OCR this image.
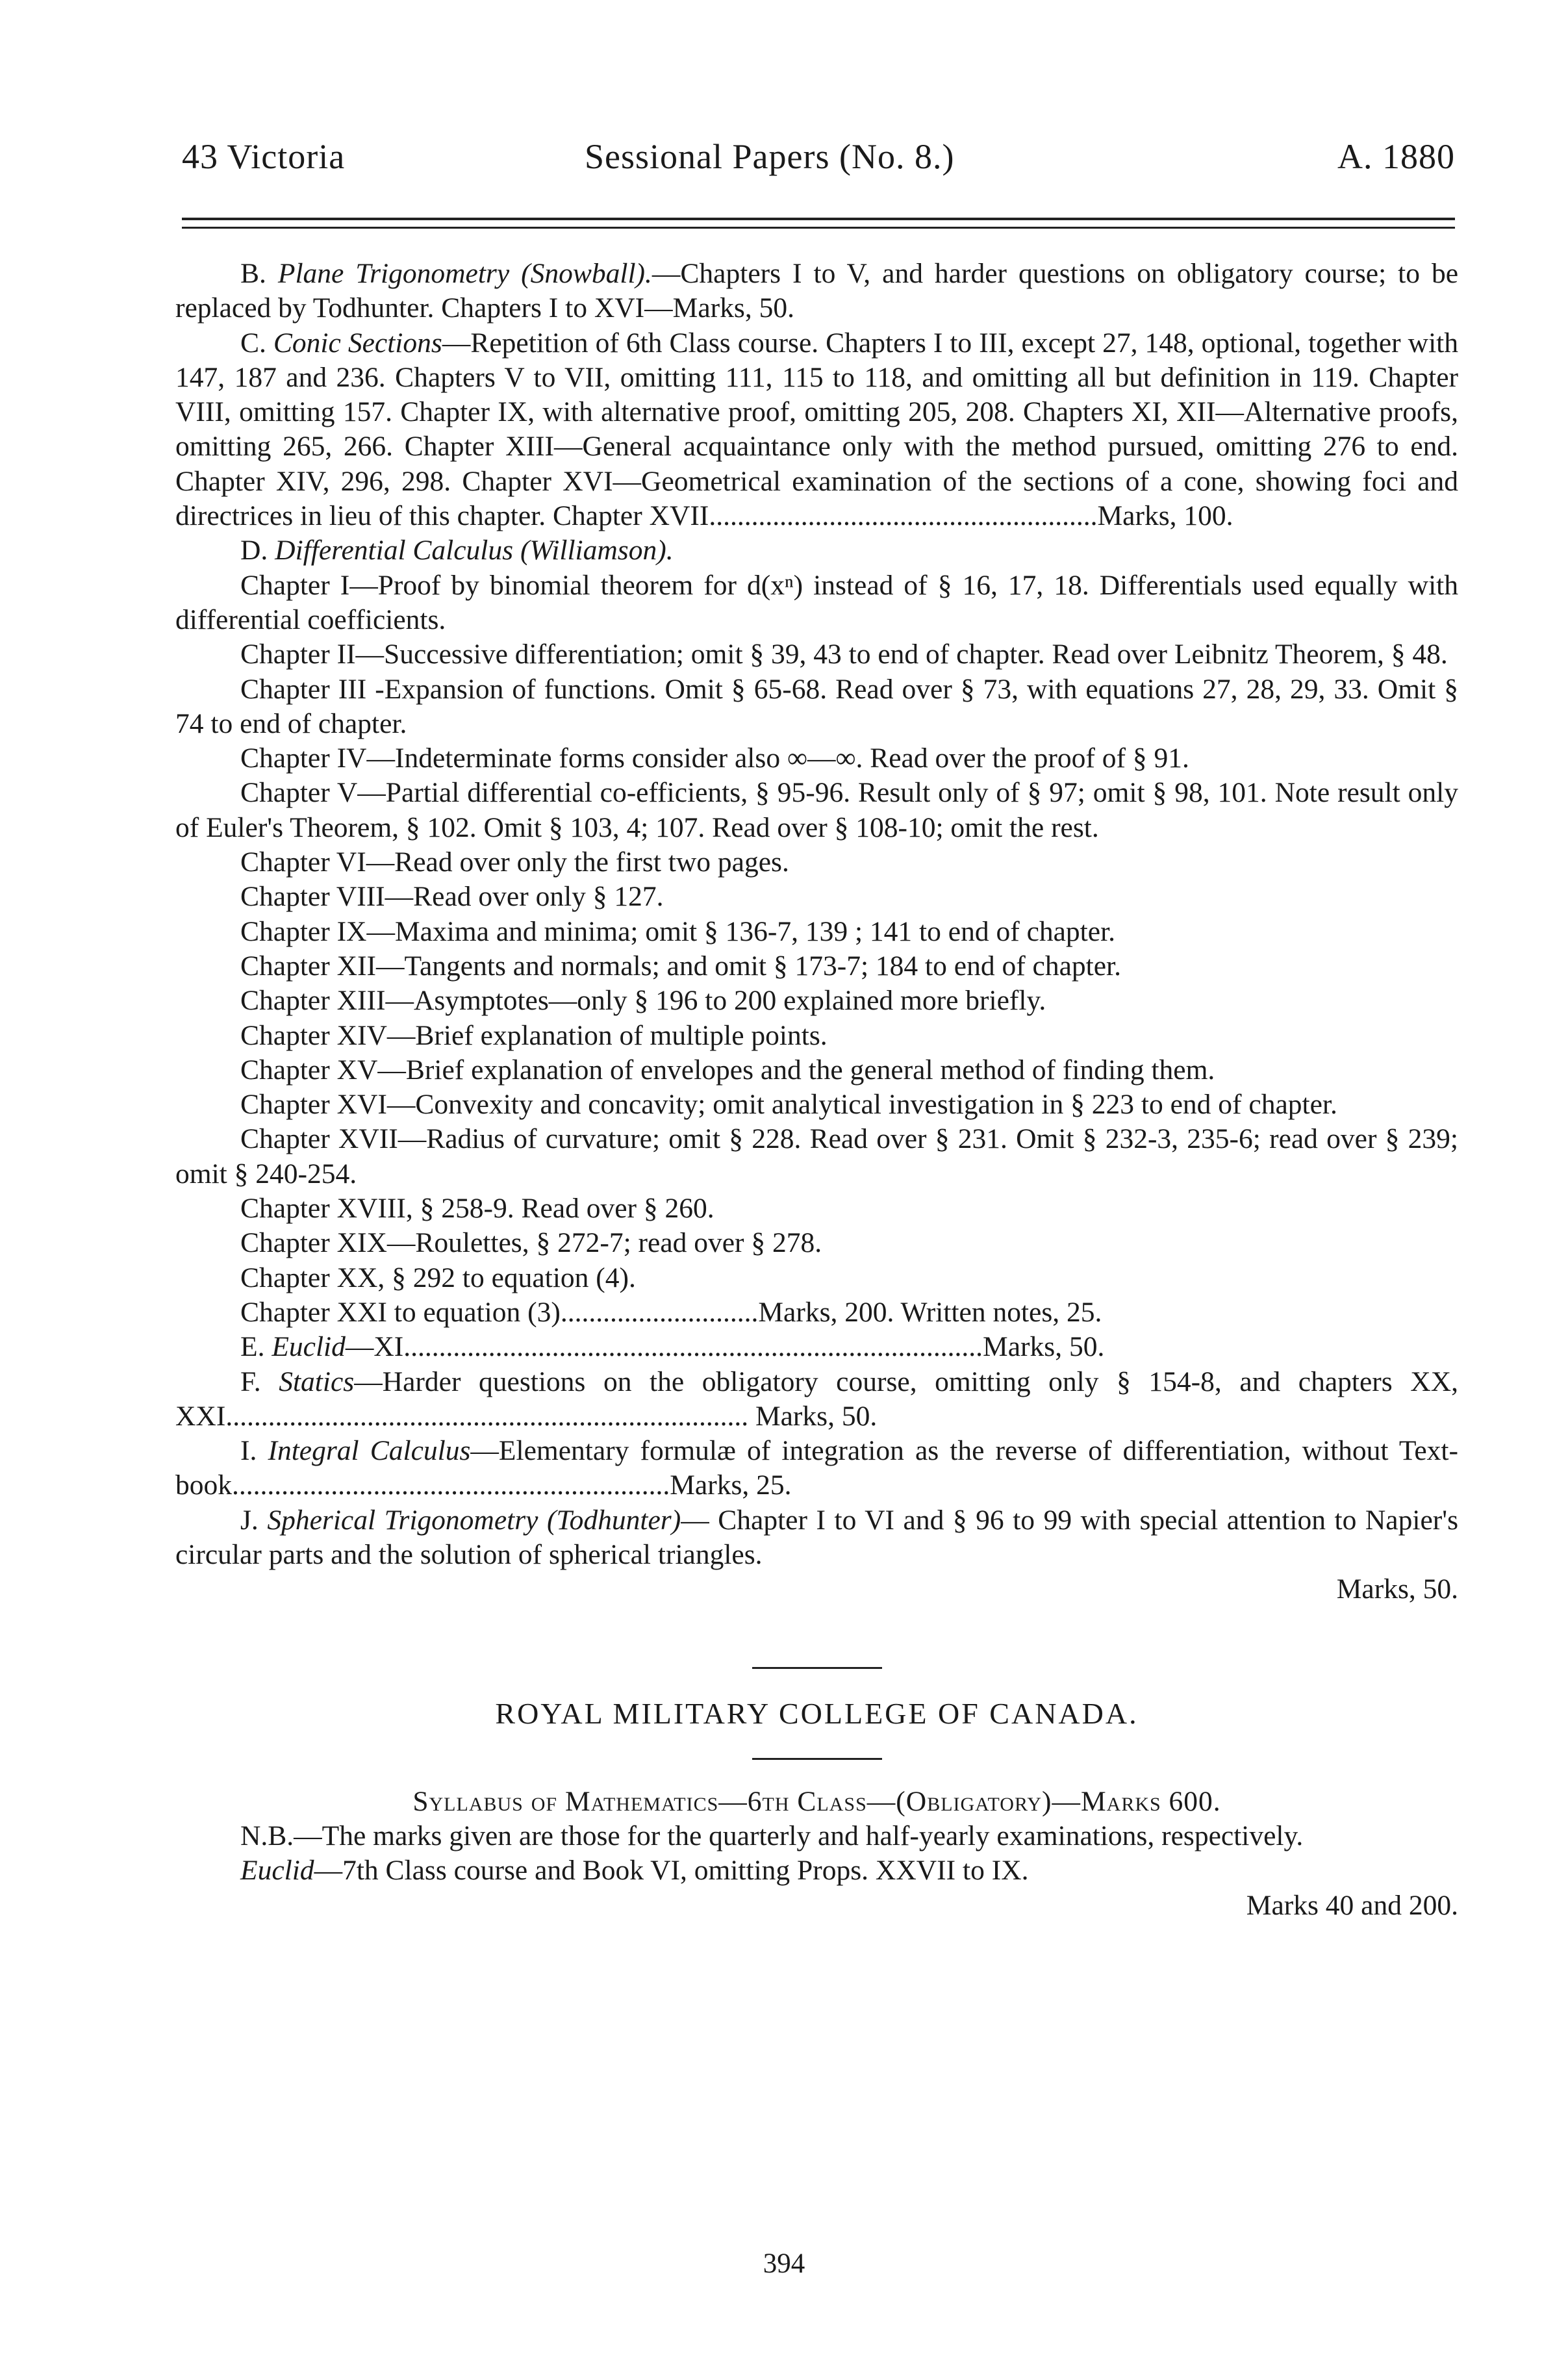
43 Victoria	Sessional Papers (No. 8.)	A. 1880

B. Plane Trigonometry (Snowball).—Chapters I to V, and harder questions on obligatory course; to be replaced by Todhunter. Chapters I to XVI—Marks, 50.

C. Conic Sections—Repetition of 6th Class course. Chapters I to III, except 27, 148, optional, together with 147, 187 and 236. Chapters V to VII, omitting 111, 115 to 118, and omitting all but definition in 119. Chapter VIII, omitting 157. Chapter IX, with alternative proof, omitting 205, 208. Chapters XI, XII—Alternative proofs, omitting 265, 266. Chapter XIII—General acquaintance only with the method pursued, omitting 276 to end. Chapter XIV, 296, 298. Chapter XVI—Geometrical examination of the sections of a cone, showing foci and directrices in lieu of this chapter. Chapter XVII.......................................................Marks, 100.

D. Differential Calculus (Williamson).

Chapter I—Proof by binomial theorem for d(xⁿ) instead of § 16, 17, 18. Differentials used equally with differential coefficients.

Chapter II—Successive differentiation; omit § 39, 43 to end of chapter. Read over Leibnitz Theorem, § 48.

Chapter III -Expansion of functions. Omit § 65-68. Read over § 73, with equations 27, 28, 29, 33. Omit § 74 to end of chapter.

Chapter IV—Indeterminate forms consider also ∞—∞. Read over the proof of § 91.

Chapter V—Partial differential co-efficients, § 95-96. Result only of § 97; omit § 98, 101. Note result only of Euler's Theorem, § 102. Omit § 103, 4; 107. Read over § 108-10; omit the rest.

Chapter VI—Read over only the first two pages.

Chapter VIII—Read over only § 127.

Chapter IX—Maxima and minima; omit § 136-7, 139 ; 141 to end of chapter.

Chapter XII—Tangents and normals; and omit § 173-7; 184 to end of chapter.

Chapter XIII—Asymptotes—only § 196 to 200 explained more briefly.

Chapter XIV—Brief explanation of multiple points.

Chapter XV—Brief explanation of envelopes and the general method of finding them.

Chapter XVI—Convexity and concavity; omit analytical investigation in § 223 to end of chapter.

Chapter XVII—Radius of curvature; omit § 228. Read over § 231. Omit § 232-3, 235-6; read over § 239; omit § 240-254.

Chapter XVIII, § 258-9. Read over § 260.

Chapter XIX—Roulettes, § 272-7; read over § 278.

Chapter XX, § 292 to equation (4).

Chapter XXI to equation (3)............................Marks, 200. Written notes, 25.

E. Euclid—XI..................................................................................Marks, 50.

F. Statics—Harder questions on the obligatory course, omitting only § 154-8, and chapters XX, XXI.......................................................................... Marks, 50.

I. Integral Calculus—Elementary formulæ of integration as the reverse of differentiation, without Text-book..............................................................Marks, 25.

J. Spherical Trigonometry (Todhunter)— Chapter I to VI and § 96 to 99 with special attention to Napier's circular parts and the solution of spherical triangles.

Marks, 50.

ROYAL MILITARY COLLEGE OF CANADA.

Syllabus of Mathematics—6th Class—(Obligatory)—Marks 600.

N.B.—The marks given are those for the quarterly and half-yearly examinations, respectively.

Euclid—7th Class course and Book VI, omitting Props. XXVII to IX.

Marks 40 and 200.

394
